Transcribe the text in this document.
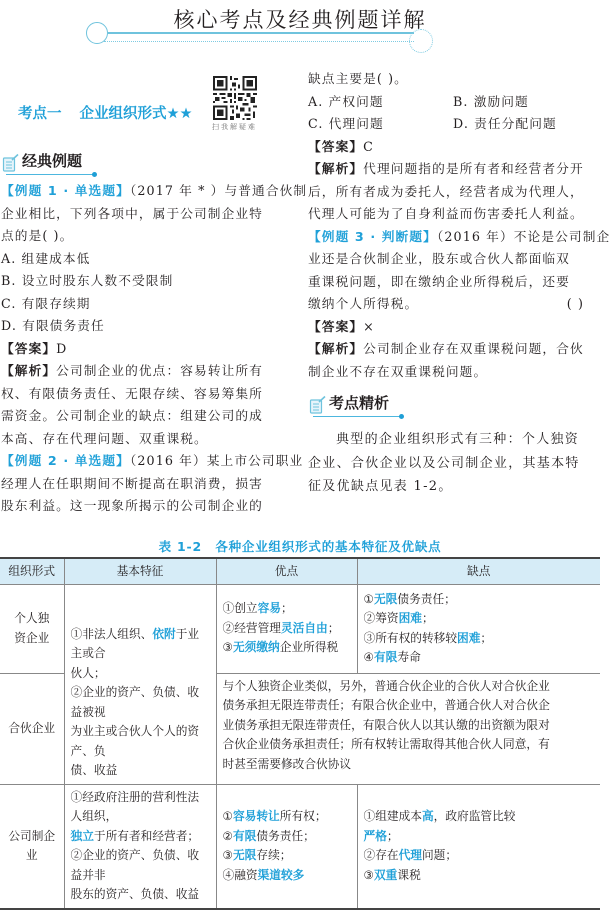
核心考点及经典例题详解
考点一 企业组织形式★★
扫我解疑难
经典例题
【例题 1 · 单选题】（2017 年 * ）与普通合伙制
企业相比，下列各项中，属于公司制企业特
点的是( )。
A. 组建成本低
B. 设立时股东人数不受限制
C. 有限存续期
D. 有限债务责任
【答案】D
【解析】公司制企业的优点：容易转让所有
权、有限债务责任、无限存续、容易筹集所
需资金。公司制企业的缺点：组建公司的成
本高、存在代理问题、双重课税。
【例题 2 · 单选题】（2016 年）某上市公司职业
经理人在任职期间不断提高在职消费，损害
股东利益。这一现象所揭示的公司制企业的
缺点主要是( )。
A. 产权问题	B. 激励问题
C. 代理问题	D. 责任分配问题
【答案】C
【解析】代理问题指的是所有者和经营者分开
后，所有者成为委托人，经营者成为代理人，
代理人可能为了自身利益而伤害委托人利益。
【例题 3 · 判断题】（2016 年）不论是公司制企
业还是合伙制企业，股东或合伙人都面临双
重课税问题，即在缴纳企业所得税后，还要
缴纳个人所得税。	( )
【答案】×
【解析】公司制企业存在双重课税问题，合伙
制企业不存在双重课税问题。
考点精析
典型的企业组织形式有三种：个人独资
企业、合伙企业以及公司制企业，其基本特
征及优缺点见表 1-2。
表 1-2　各种企业组织形式的基本特征及优缺点
组织形式	基本特征	优点	缺点

个人独
资企业	①非法人组织、依附于业主或合
伙人；
②企业的资产、负债、收益被视
为业主或合伙人个人的资产、负
债、收益	①创立容易；
②经营管理灵活自由；
③无须缴纳企业所得税	①无限债务责任；
②筹资困难；
③所有权的转移较困难；
④有限寿命

合伙企业		与个人独资企业类似，另外，普通合伙企业的合伙人对合伙企业
债务承担无限连带责任；有限合伙企业中，普通合伙人对合伙企
业债务承担无限连带责任，有限合伙人以其认缴的出资额为限对
合伙企业债务承担责任；所有权转让需取得其他合伙人同意，有
时甚至需要修改合伙协议	

公司制企业	①经政府注册的营利性法人组织，
独立于所有者和经营者；
②企业的资产、负债、收益并非
股东的资产、负债、收益	①容易转让所有权；
②有限债务责任；
③无限存续；
④融资渠道较多	①组建成本高，政府监管比较
严格；
②存在代理问题；
③双重课税
